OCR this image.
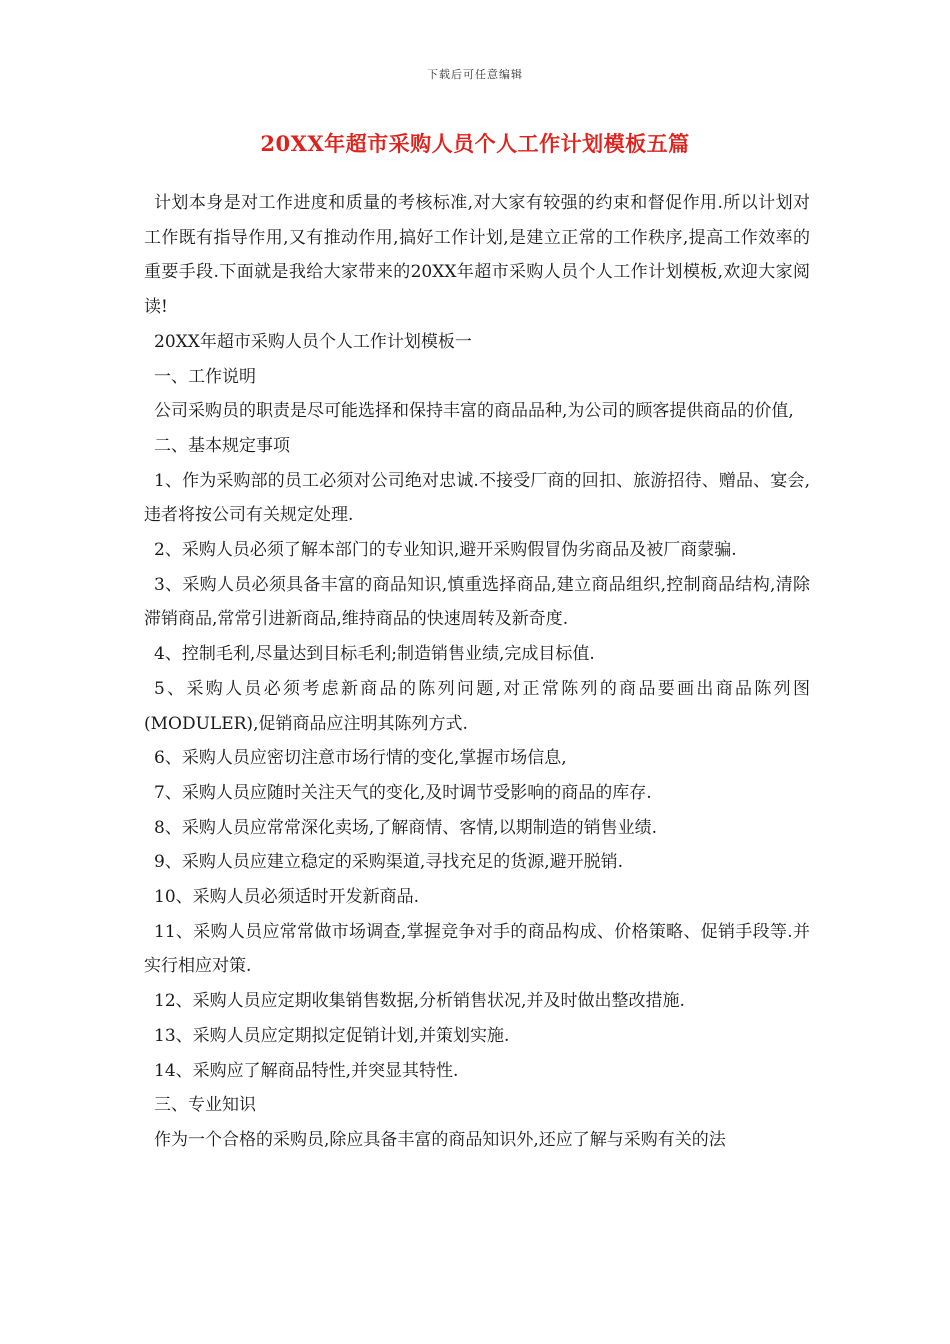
下载后可任意编辑
20XX年超市采购人员个人工作计划模板五篇

计划本身是对工作进度和质量的考核标准,对大家有较强的约束和督促作用.所以计划对工作既有指导作用,又有推动作用,搞好工作计划,是建立正常的工作秩序,提高工作效率的重要手段.下面就是我给大家带来的20XX年超市采购人员个人工作计划模板,欢迎大家阅读!

20XX年超市采购人员个人工作计划模板一

一、工作说明

公司采购员的职责是尽可能选择和保持丰富的商品品种,为公司的顾客提供商品的价值,

二、基本规定事项

1、作为采购部的员工必须对公司绝对忠诚.不接受厂商的回扣、旅游招待、赠品、宴会,违者将按公司有关规定处理.

2、采购人员必须了解本部门的专业知识,避开采购假冒伪劣商品及被厂商蒙骗.

3、采购人员必须具备丰富的商品知识,慎重选择商品,建立商品组织,控制商品结构,清除滞销商品,常常引进新商品,维持商品的快速周转及新奇度.

4、控制毛利,尽量达到目标毛利;制造销售业绩,完成目标值.

5、采购人员必须考虑新商品的陈列问题,对正常陈列的商品要画出商品陈列图(MODULER),促销商品应注明其陈列方式.

6、采购人员应密切注意市场行情的变化,掌握市场信息,

7、采购人员应随时关注天气的变化,及时调节受影响的商品的库存.

8、采购人员应常常深化卖场,了解商情、客情,以期制造的销售业绩.

9、采购人员应建立稳定的采购渠道,寻找充足的货源,避开脱销.

10、采购人员必须适时开发新商品.

11、采购人员应常常做市场调查,掌握竞争对手的商品构成、价格策略、促销手段等.并实行相应对策.

12、采购人员应定期收集销售数据,分析销售状况,并及时做出整改措施.

13、采购人员应定期拟定促销计划,并策划实施.

14、采购应了解商品特性,并突显其特性.

三、专业知识

作为一个合格的采购员,除应具备丰富的商品知识外,还应了解与采购有关的法
